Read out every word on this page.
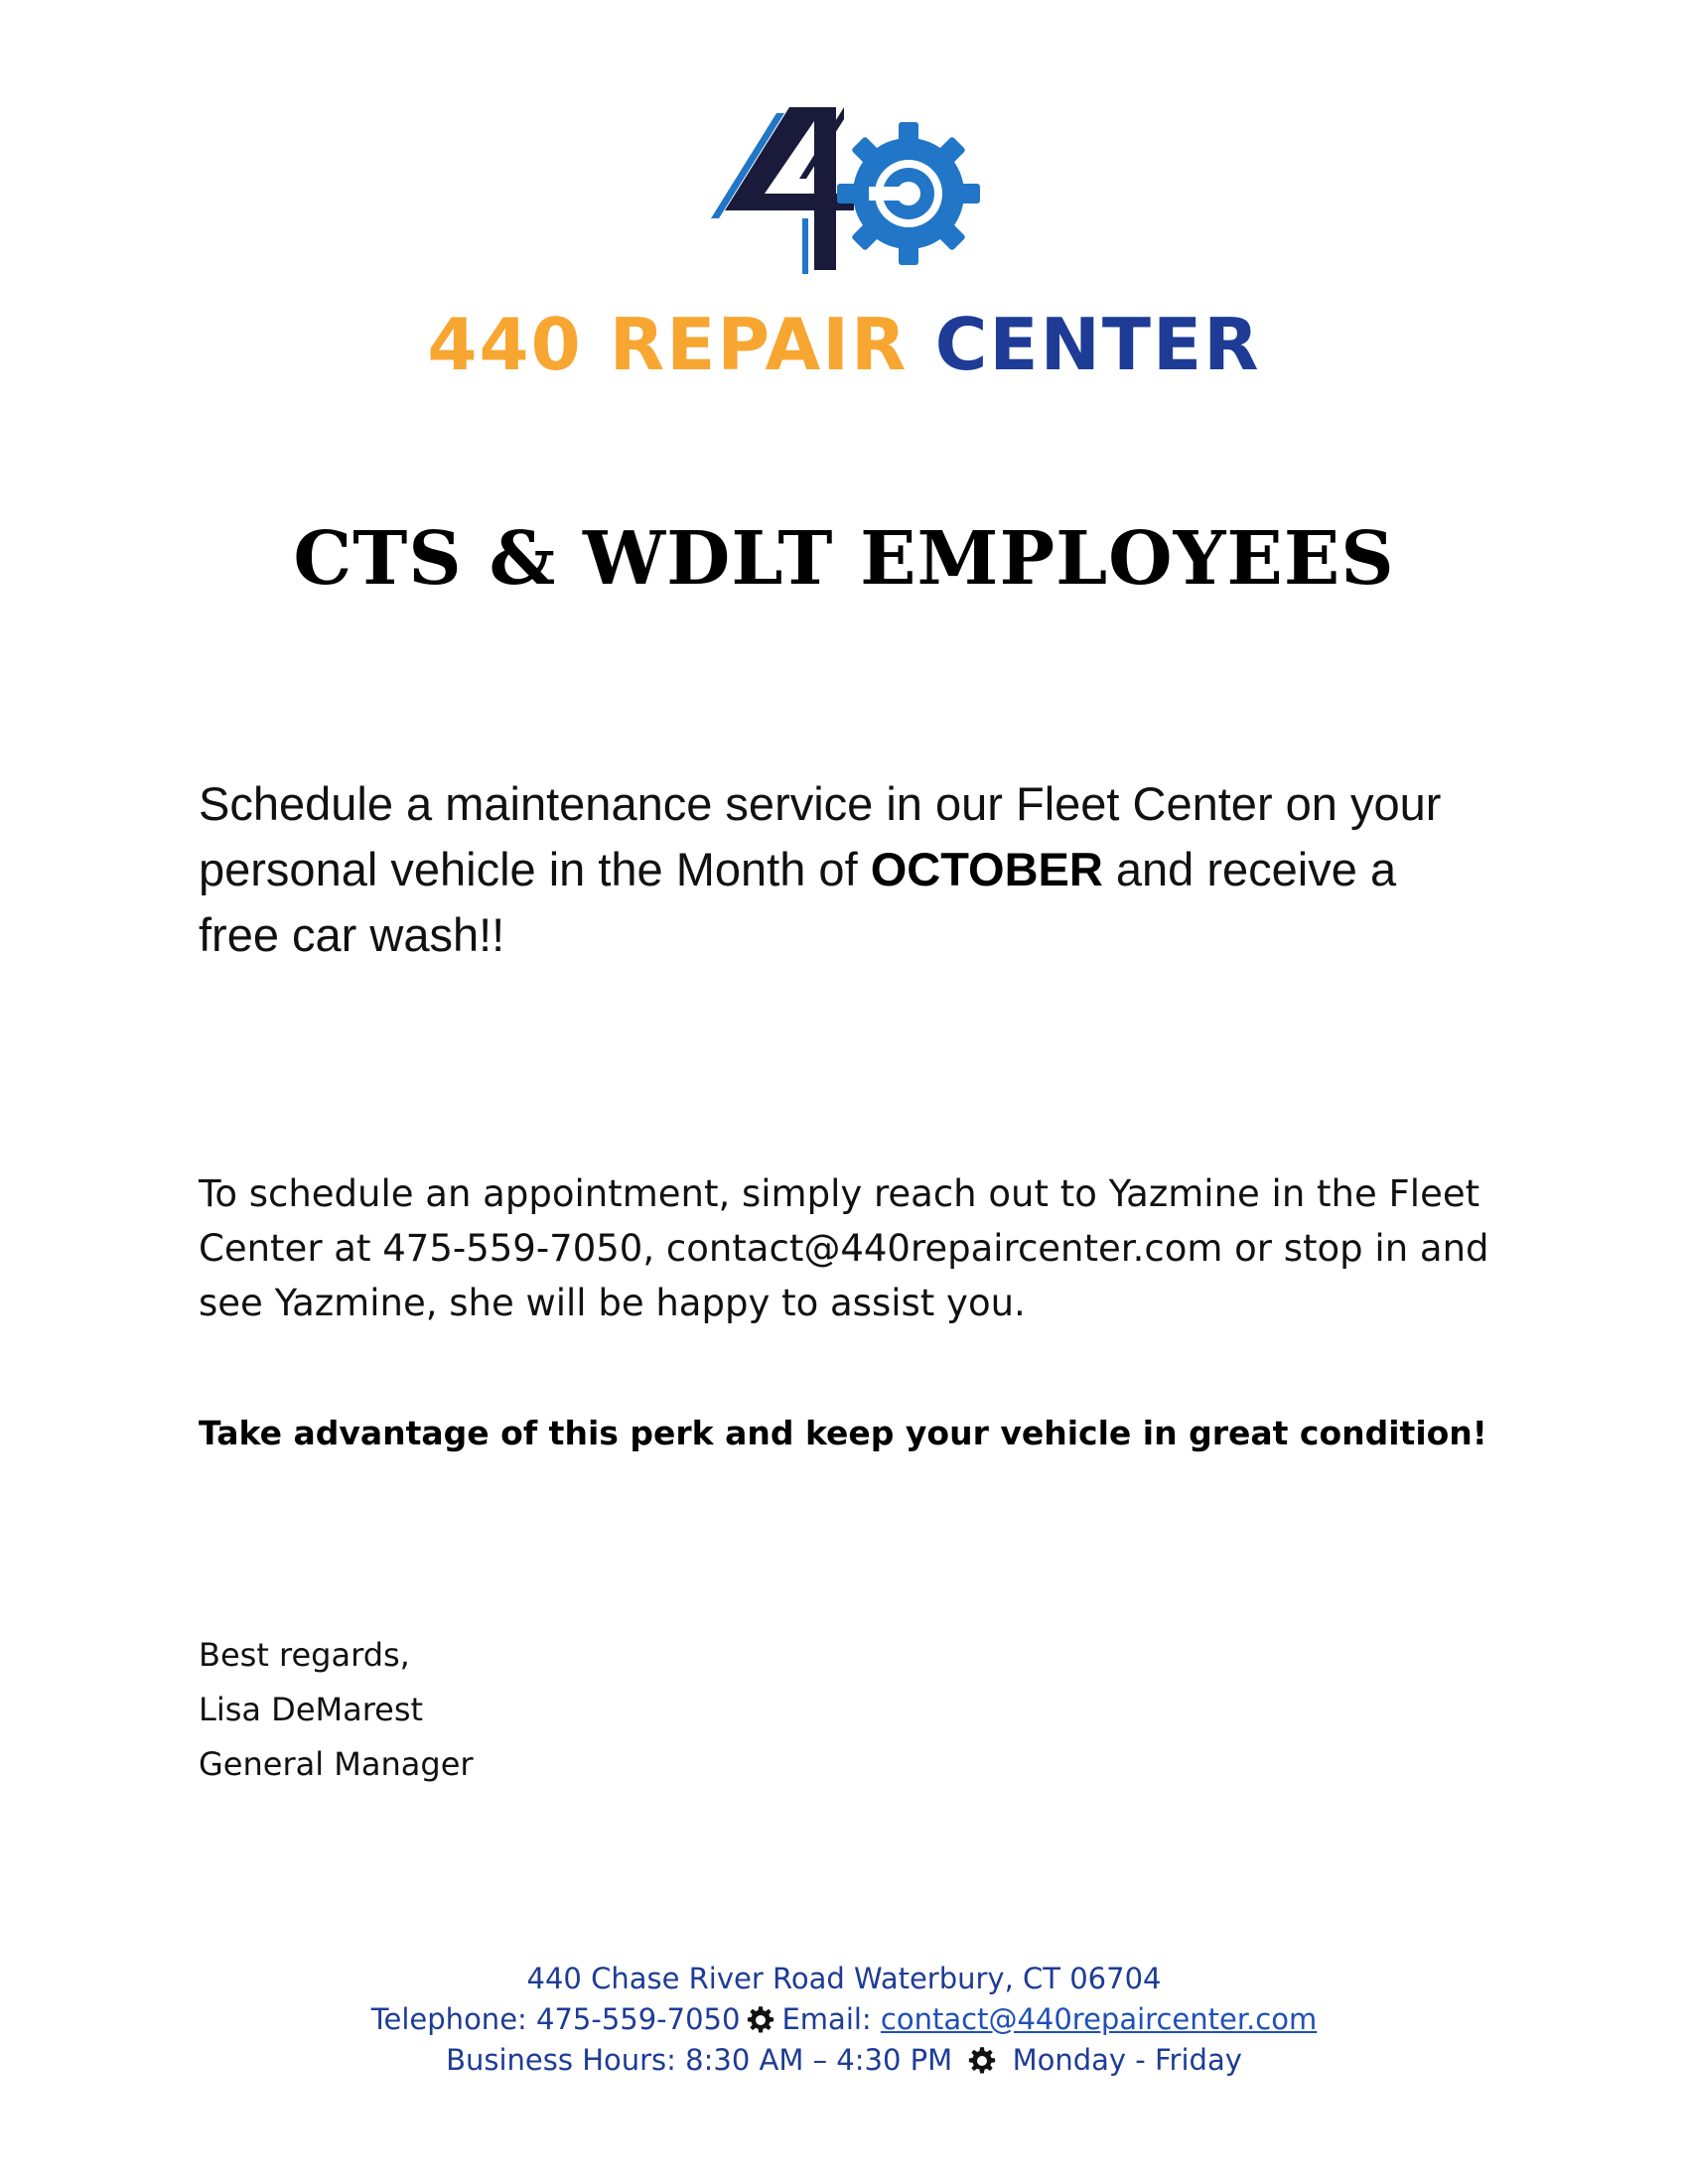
440 REPAIR CENTER
CTS & WDLT EMPLOYEES
Schedule a maintenance service in our Fleet Center on your personal vehicle in the Month of OCTOBER and receive a free car wash!!
To schedule an appointment, simply reach out to Yazmine in the Fleet Center at 475-559-7050, contact@440repaircenter.com or stop in and see Yazmine, she will be happy to assist you.
Take advantage of this perk and keep your vehicle in great condition!
Best regards,
Lisa DeMarest
General Manager
440 Chase River Road Waterbury, CT 06704
Telephone: 475-559-7050 Email: contact@440repaircenter.com
Business Hours: 8:30 AM – 4:30 PM Monday - Friday
